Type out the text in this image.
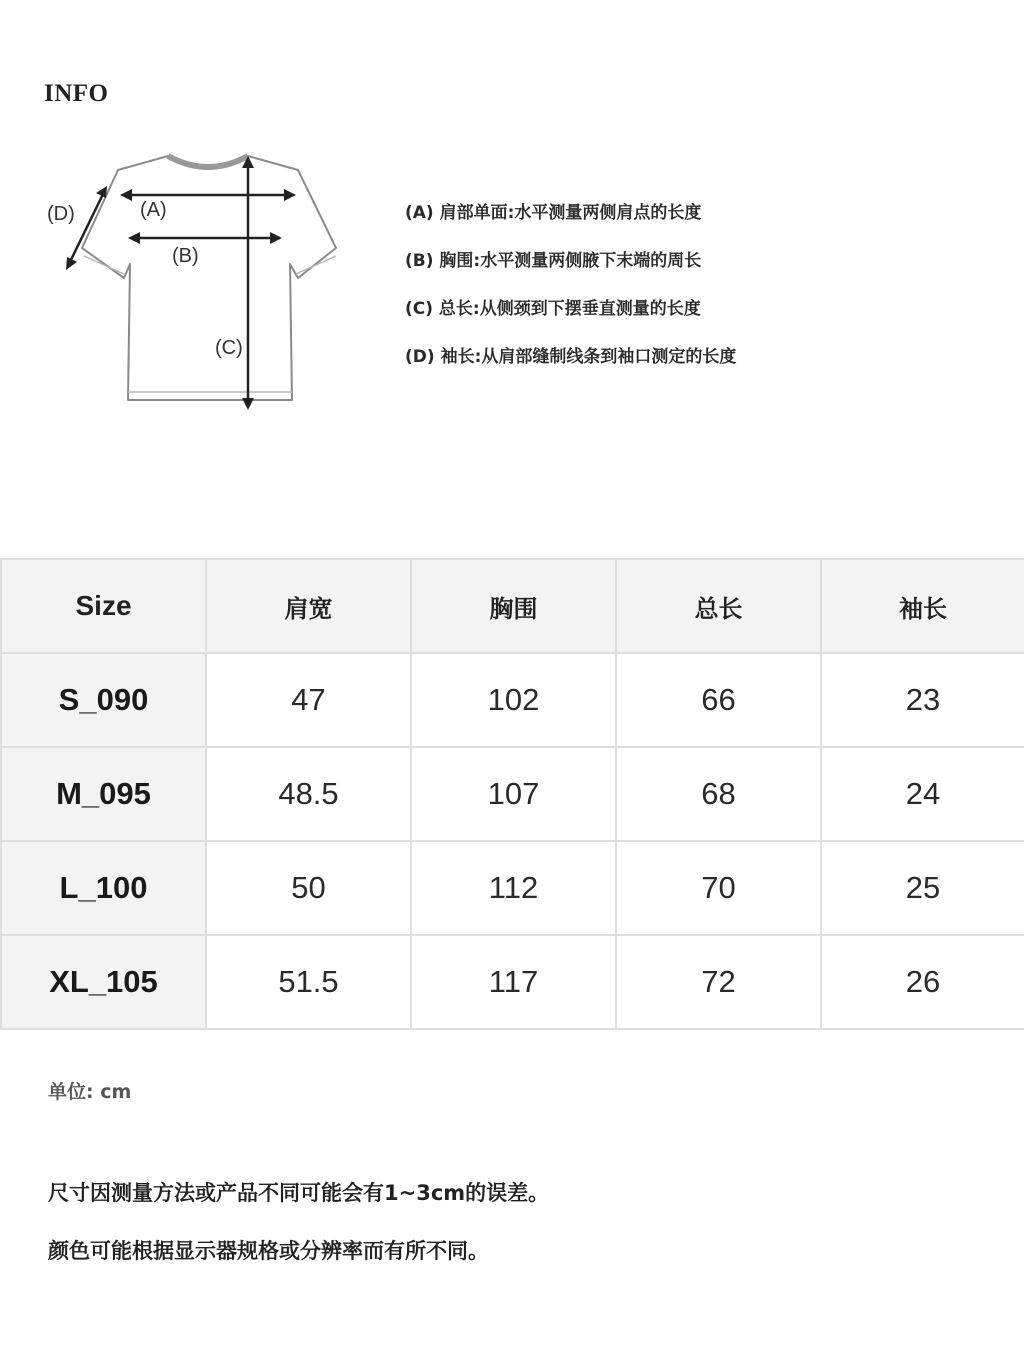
INFO
(A)
(B)
(C)
(D)	(A) 肩部单面:水平测量两侧肩点的长度
(B) 胸围:水平测量两侧腋下末端的周长
(C) 总长:从侧颈到下摆垂直测量的长度
(D) 袖长:从肩部缝制线条到袖口测定的长度
Size	肩宽	胸围	总长	袖长
S_090	47	102	66	23
M_095	48.5	107	68	24
L_100	50	112	70	25
XL_105	51.5	117	72	26
单位: cm
尺寸因测量方法或产品不同可能会有1~3cm的误差。
颜色可能根据显示器规格或分辨率而有所不同。
